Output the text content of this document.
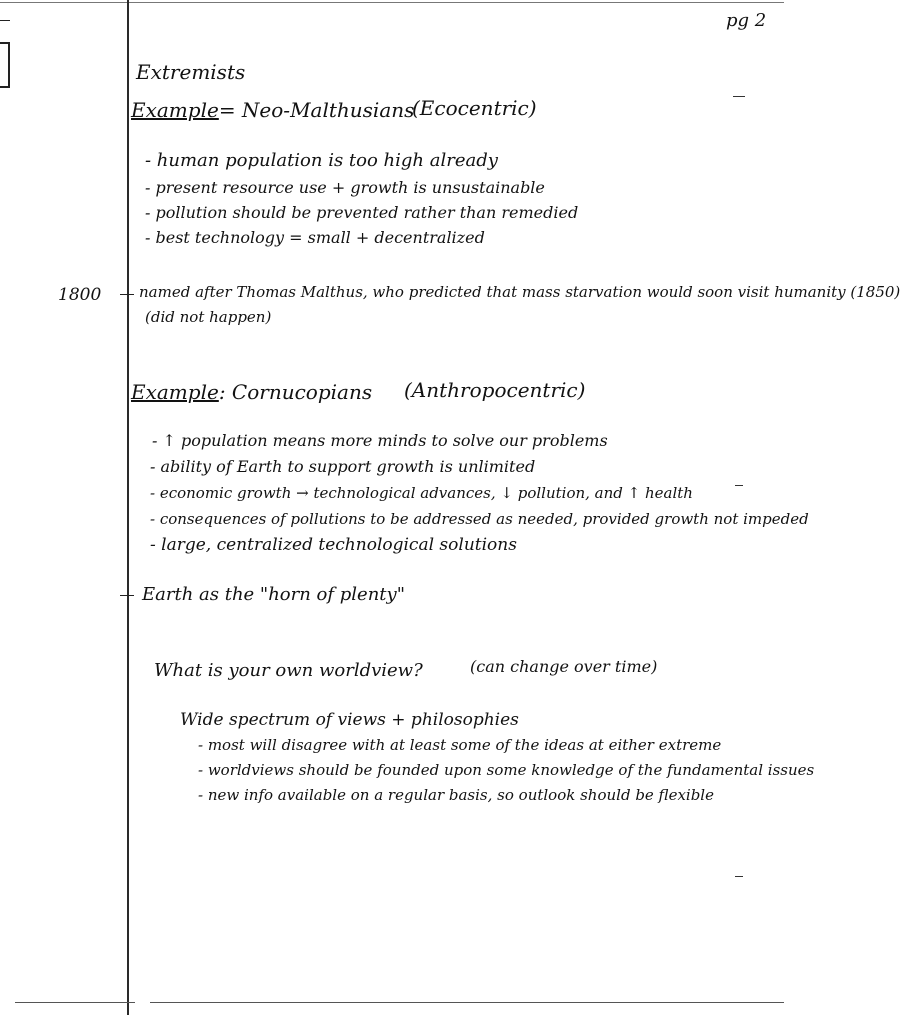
pg 2
Extremists
Example= Neo-Malthusians
(Ecocentric)
- human population is too high already
- present resource use + growth is unsustainable
- pollution should be prevented rather than remedied
- best technology = small + decentralized
1800	named after Thomas Malthus, who predicted that mass starvation would soon visit humanity (1850)
(did not happen)
Example: Cornucopians (Anthropocentric)
- ↑ population means more minds to solve our problems
- ability of Earth to support growth is unlimited
- economic growth → technological advances, ↓ pollution, and ↑ health
- consequences of pollutions to be addressed as needed, provided growth not impeded
- large, centralized technological solutions
Earth as the "horn of plenty"
What is your own worldview?	(can change over time)
Wide spectrum of views + philosophies
- most will disagree with at least some of the ideas at either extreme
- worldviews should be founded upon some knowledge of the fundamental issues
- new info available on a regular basis, so outlook should be flexible
